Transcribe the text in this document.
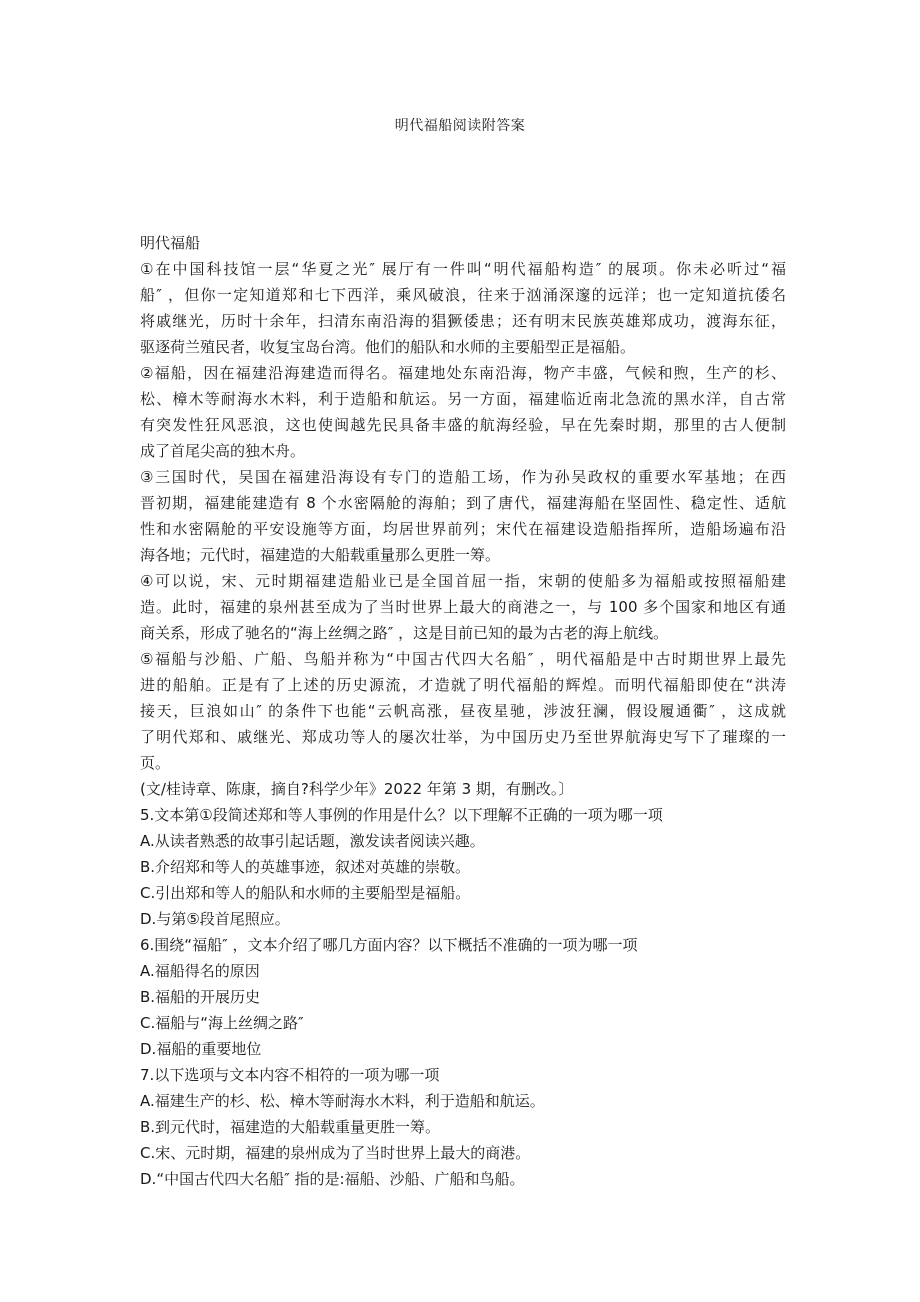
明代福船阅读附答案
明代福船
①在中国科技馆一层“华夏之光″ 展厅有一件叫“明代福船构造″ 的展项。你未必听过“福
船″ ，但你一定知道郑和七下西洋，乘风破浪，往来于汹涌深邃的远洋；也一定知道抗倭名
将戚继光，历时十余年，扫清东南沿海的猖獗倭患；还有明末民族英雄郑成功，渡海东征，
驱逐荷兰殖民者，收复宝岛台湾。他们的船队和水师的主要船型正是福船。
②福船，因在福建沿海建造而得名。福建地处东南沿海，物产丰盛，气候和煦，生产的杉、
松、樟木等耐海水木料，利于造船和航运。另一方面，福建临近南北急流的黑水洋，自古常
有突发性狂风恶浪，这也使闽越先民具备丰盛的航海经验，早在先秦时期，那里的古人便制
成了首尾尖高的独木舟。
③三国时代，吴国在福建沿海设有专门的造船工场，作为孙吴政权的重要水军基地；在西
晋初期，福建能建造有 8 个水密隔舱的海舶；到了唐代，福建海船在坚固性、稳定性、适航
性和水密隔舱的平安设施等方面，均居世界前列；宋代在福建设造船指挥所，造船场遍布沿
海各地；元代时，福建造的大船载重量那么更胜一筹。
④可以说，宋、元时期福建造船业已是全国首屈一指，宋朝的使船多为福船或按照福船建
造。此时，福建的泉州甚至成为了当时世界上最大的商港之一，与 100 多个国家和地区有通
商关系，形成了驰名的“海上丝绸之路″ ，这是目前已知的最为古老的海上航线。
⑤福船与沙船、广船、鸟船并称为“中国古代四大名船″ ，明代福船是中古时期世界上最先
进的船舶。正是有了上述的历史源流，才造就了明代福船的辉煌。而明代福船即使在“洪涛
接天，巨浪如山″ 的条件下也能“云帆高涨，昼夜星驰，涉波狂澜，假设履通衢″ ，这成就
了明代郑和、戚继光、郑成功等人的屡次壮举，为中国历史乃至世界航海史写下了璀璨的一
页。
(文/桂诗章、陈康，摘自?科学少年》2022 年第 3 期，有删改。〕
5.文本第①段简述郑和等人事例的作用是什么？以下理解不正确的一项为哪一项
A.从读者熟悉的故事引起话题，激发读者阅读兴趣。
B.介绍郑和等人的英雄事迹，叙述对英雄的崇敬。
C.引出郑和等人的船队和水师的主要船型是福船。
D.与第⑤段首尾照应。
6.围绕“福船″ ，文本介绍了哪几方面内容？以下概括不准确的一项为哪一项
A.福船得名的原因
B.福船的开展历史
C.福船与“海上丝绸之路″
D.福船的重要地位
7.以下选项与文本内容不相符的一项为哪一项
A.福建生产的杉、松、樟木等耐海水木料，利于造船和航运。
B.到元代时，福建造的大船载重量更胜一筹。
C.宋、元时期，福建的泉州成为了当时世界上最大的商港。
D.“中国古代四大名船″ 指的是:福船、沙船、广船和鸟船。
